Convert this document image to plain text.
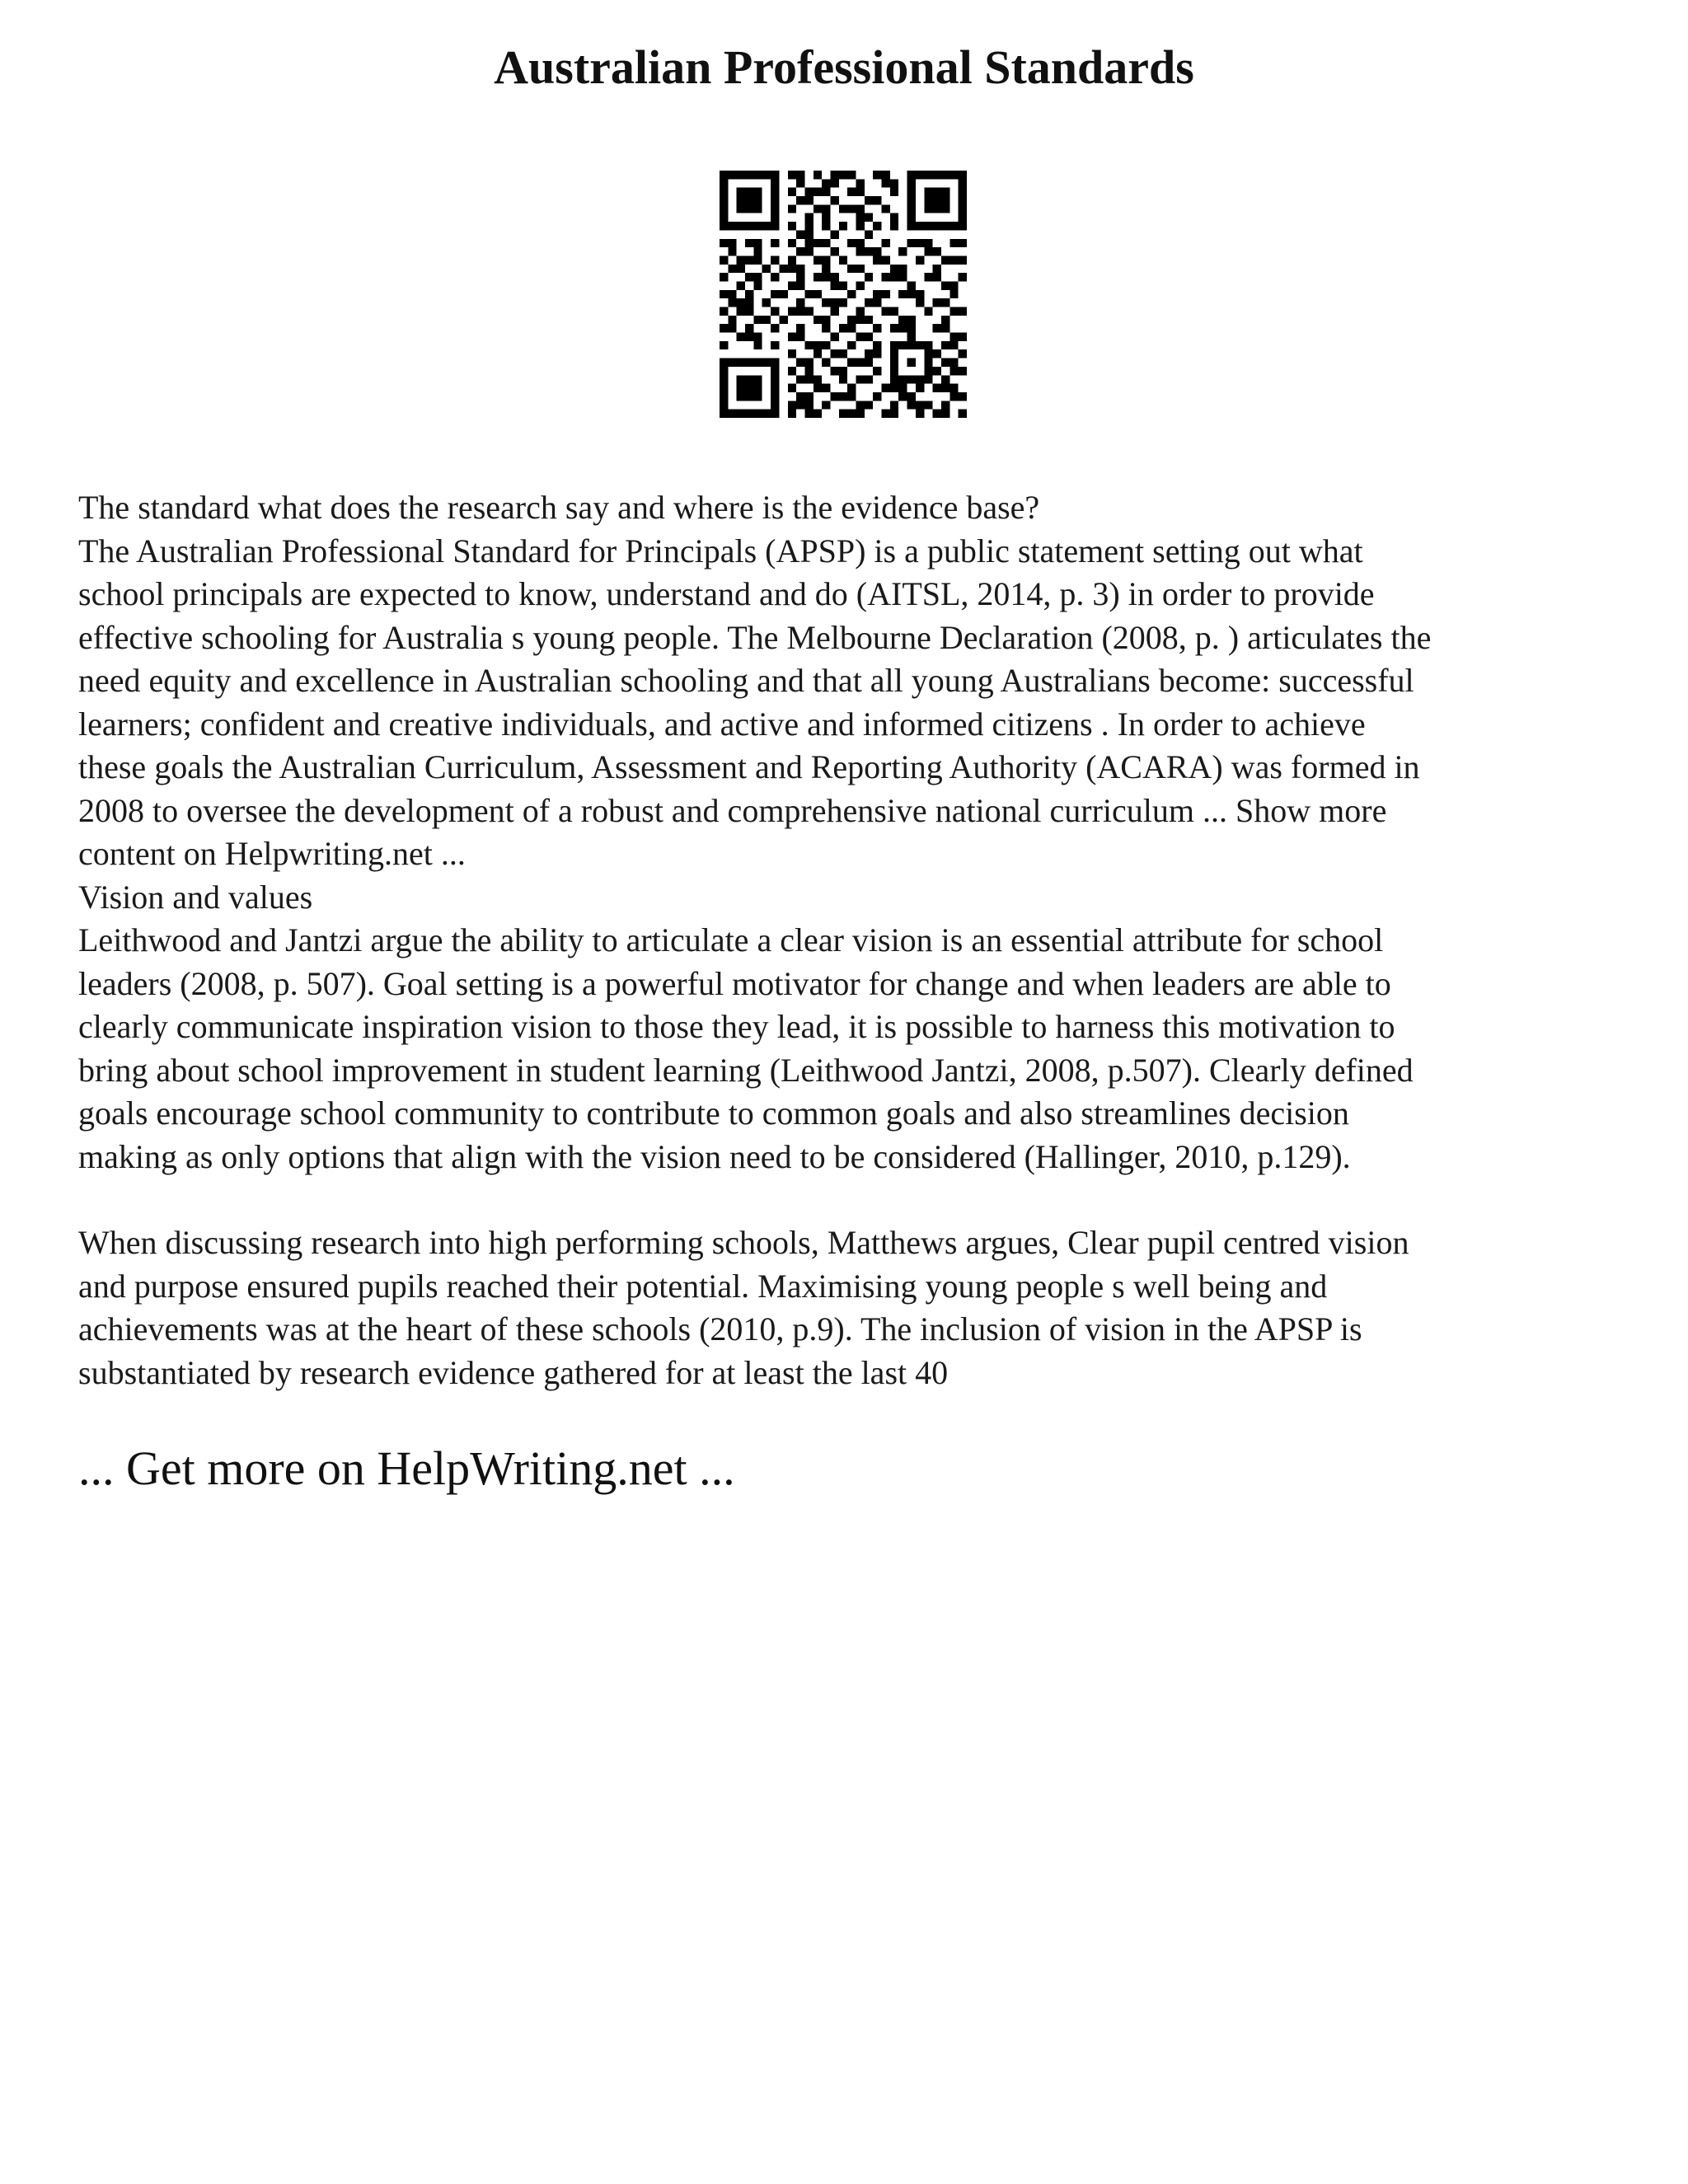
Australian Professional Standards

The standard what does the research say and where is the evidence base?

The Australian Professional Standard for Principals (APSP) is a public statement setting out what

school principals are expected to know, understand and do (AITSL, 2014, p. 3) in order to provide

effective schooling for Australia s young people. The Melbourne Declaration (2008, p. ) articulates the

need equity and excellence in Australian schooling and that all young Australians become: successful

learners; confident and creative individuals, and active and informed citizens . In order to achieve

these goals the Australian Curriculum, Assessment and Reporting Authority (ACARA) was formed in

2008 to oversee the development of a robust and comprehensive national curriculum ... Show more

content on Helpwriting.net ...

Vision and values

Leithwood and Jantzi argue the ability to articulate a clear vision is an essential attribute for school

leaders (2008, p. 507). Goal setting is a powerful motivator for change and when leaders are able to

clearly communicate inspiration vision to those they lead, it is possible to harness this motivation to

bring about school improvement in student learning (Leithwood Jantzi, 2008, p.507). Clearly defined

goals encourage school community to contribute to common goals and also streamlines decision

making as only options that align with the vision need to be considered (Hallinger, 2010, p.129).

When discussing research into high performing schools, Matthews argues, Clear pupil centred vision

and purpose ensured pupils reached their potential. Maximising young people s well being and

achievements was at the heart of these schools (2010, p.9). The inclusion of vision in the APSP is

substantiated by research evidence gathered for at least the last 40

... Get more on HelpWriting.net ...
